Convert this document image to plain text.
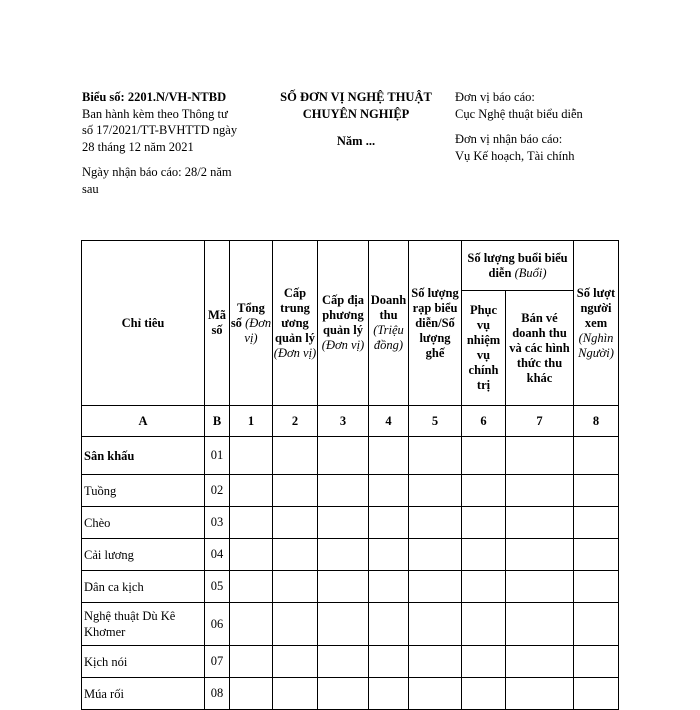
Biểu số: 2201.N/VH-NTBD
Ban hành kèm theo Thông tư
số 17/2021/TT-BVHTTD ngày
28 tháng 12 năm 2021
Ngày nhận báo cáo: 28/2 năm
sau
SỐ ĐƠN VỊ NGHỆ THUẬT
CHUYÊN NGHIỆP
Năm ...
Đơn vị báo cáo:
Cục Nghệ thuật biểu diễn
Đơn vị nhận báo cáo:
Vụ Kế hoạch, Tài chính
Chỉ tiêu	Mã số	Tổng số (Đơn vị)	Cấp trung ương quản lý (Đơn vị)	Cấp địa phương quản lý (Đơn vị)	Doanh thu (Triệu đồng)	Số lượng rạp biểu diễn/Số lượng ghế	Số lượng buổi biểu diễn (Buổi)		Số lượt người xem (Nghìn Người)
							Phục vụ nhiệm vụ chính trị	Bán vé doanh thu và các hình thức thu khác	
A	B	1	2	3	4	5	6	7	8
Sân khấu	01								
Tuồng	02								
Chèo	03								
Cải lương	04								
Dân ca kịch	05								
Nghệ thuật Dù Kê Khơmer	06								
Kịch nói	07								
Múa rối	08								
